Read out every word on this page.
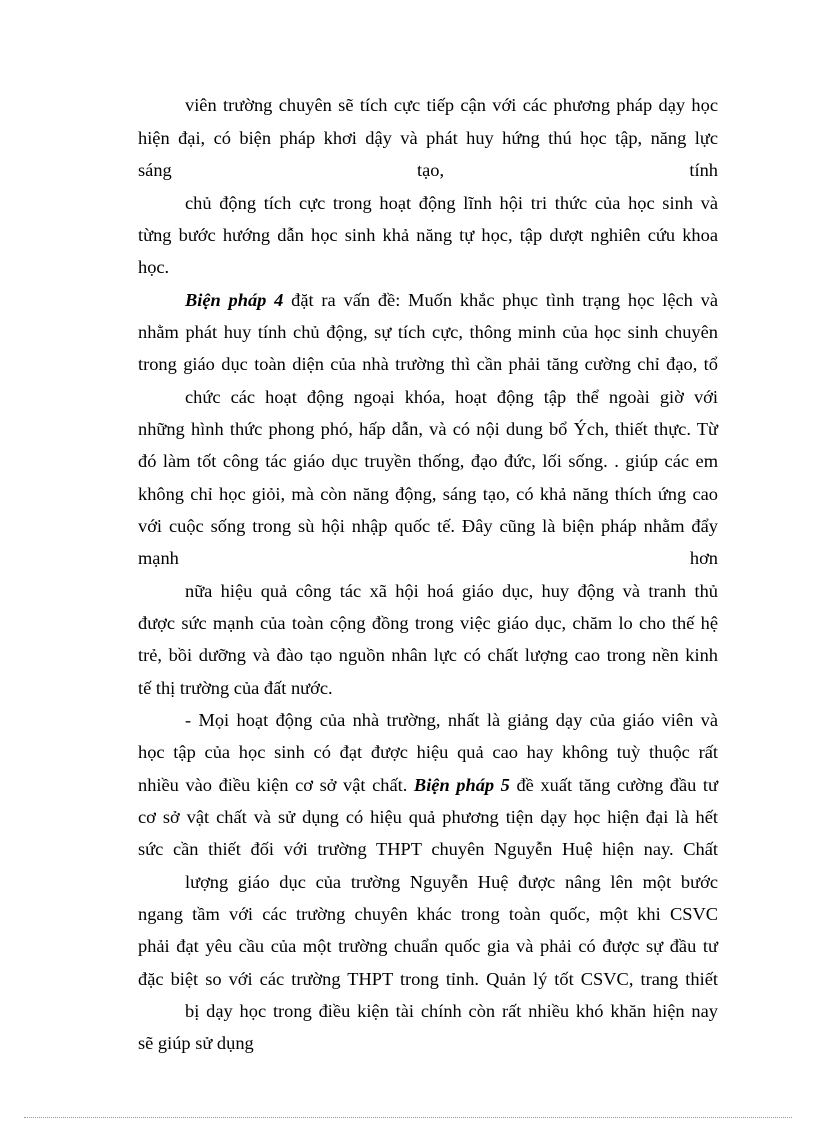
viên trường chuyên sẽ tích cực tiếp cận với các phương pháp dạy học
hiện đại, có biện pháp khơi dậy và phát huy hứng thú học tập, năng lực
sáng	tạo,	tính
chủ động tích cực trong hoạt động lĩnh hội tri thức của học sinh và
từng bước hướng dẫn học sinh khả năng tự học, tập dượt nghiên cứu khoa
học.
Biện pháp 4 đặt ra vấn đề: Muốn khắc phục tình trạng học lệch và
nhằm phát huy tính chủ động, sự tích cực, thông minh của học sinh chuyên
trong giáo dục toàn diện của nhà trường thì cần phải tăng cường chỉ đạo, tổ
chức các hoạt động ngoại khóa, hoạt động tập thể ngoài giờ với
những hình thức phong phó, hấp dẫn, và có nội dung bổ Ých, thiết thực. Từ
đó làm tốt công tác giáo dục truyền thống, đạo đức, lối sống. . giúp các em
không chỉ học giỏi, mà còn năng động, sáng tạo, có khả năng thích ứng cao
với cuộc sống trong sù hội nhập quốc tế. Đây cũng là biện pháp nhằm đẩy
mạnh	hơn
nữa hiệu quả công tác xã hội hoá giáo dục, huy động và tranh thủ
được sức mạnh của toàn cộng đồng trong việc giáo dục, chăm lo cho thế hệ
trẻ, bồi dưỡng và đào tạo nguồn nhân lực có chất lượng cao trong nền kinh
tế thị trường của đất nước.
- Mọi hoạt động của nhà trường, nhất là giảng dạy của giáo viên và
học tập của học sinh có đạt được hiệu quả cao hay không tuỳ thuộc rất
nhiều vào điều kiện cơ sở vật chất. Biện pháp 5 đề xuất tăng cường đầu tư
cơ sở vật chất và sử dụng có hiệu quả phương tiện dạy học hiện đại là hết
sức cần thiết đối với trường THPT chuyên Nguyễn Huệ hiện nay. Chất
lượng giáo dục của trường Nguyễn Huệ được nâng lên một bước
ngang tầm với các trường chuyên khác trong toàn quốc, một khi CSVC
phải đạt yêu cầu của một trường chuẩn quốc gia và phải có được sự đầu tư
đặc biệt so với các trường THPT trong tỉnh. Quản lý tốt CSVC, trang thiết
bị dạy học trong điều kiện tài chính còn rất nhiều khó khăn hiện nay
sẽ giúp sử dụng
